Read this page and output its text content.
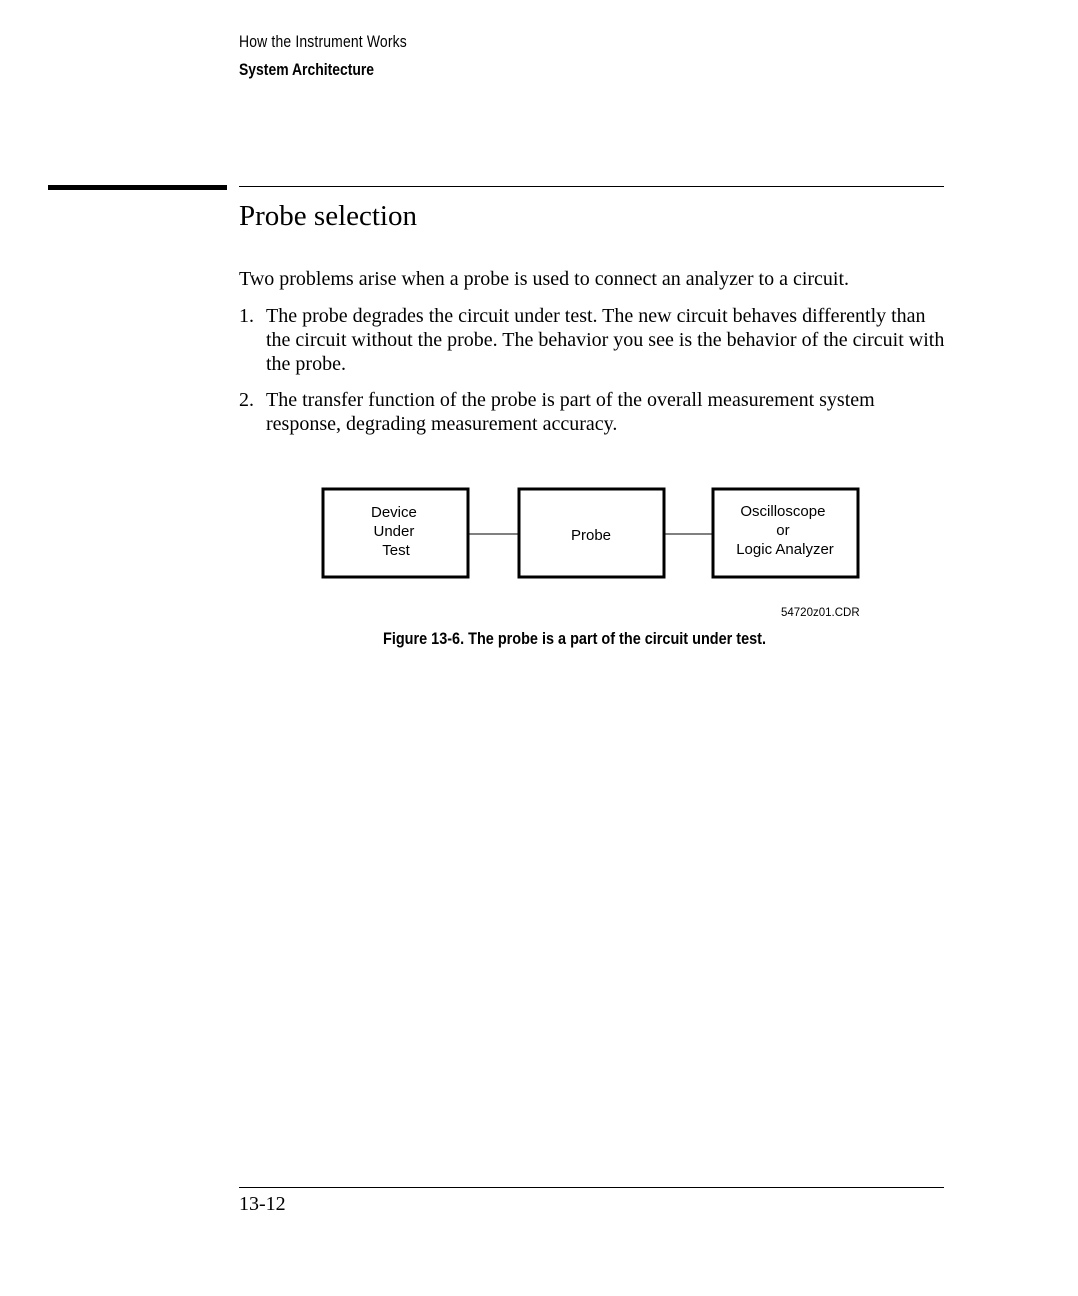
How the Instrument Works
System Architecture
Probe selection

Two problems arise when a probe is used to connect an analyzer to a circuit.

1. The probe degrades the circuit under test. The new circuit behaves differently than the circuit without the probe. The behavior you see is the behavior of the circuit with the probe.
2. The transfer function of the probe is part of the overall measurement system response, degrading measurement accuracy.
Device Under Test
Probe
Oscilloscope or Logic Analyzer
54720z01.CDR
Figure 13-6. The probe is a part of the circuit under test.
13-12
